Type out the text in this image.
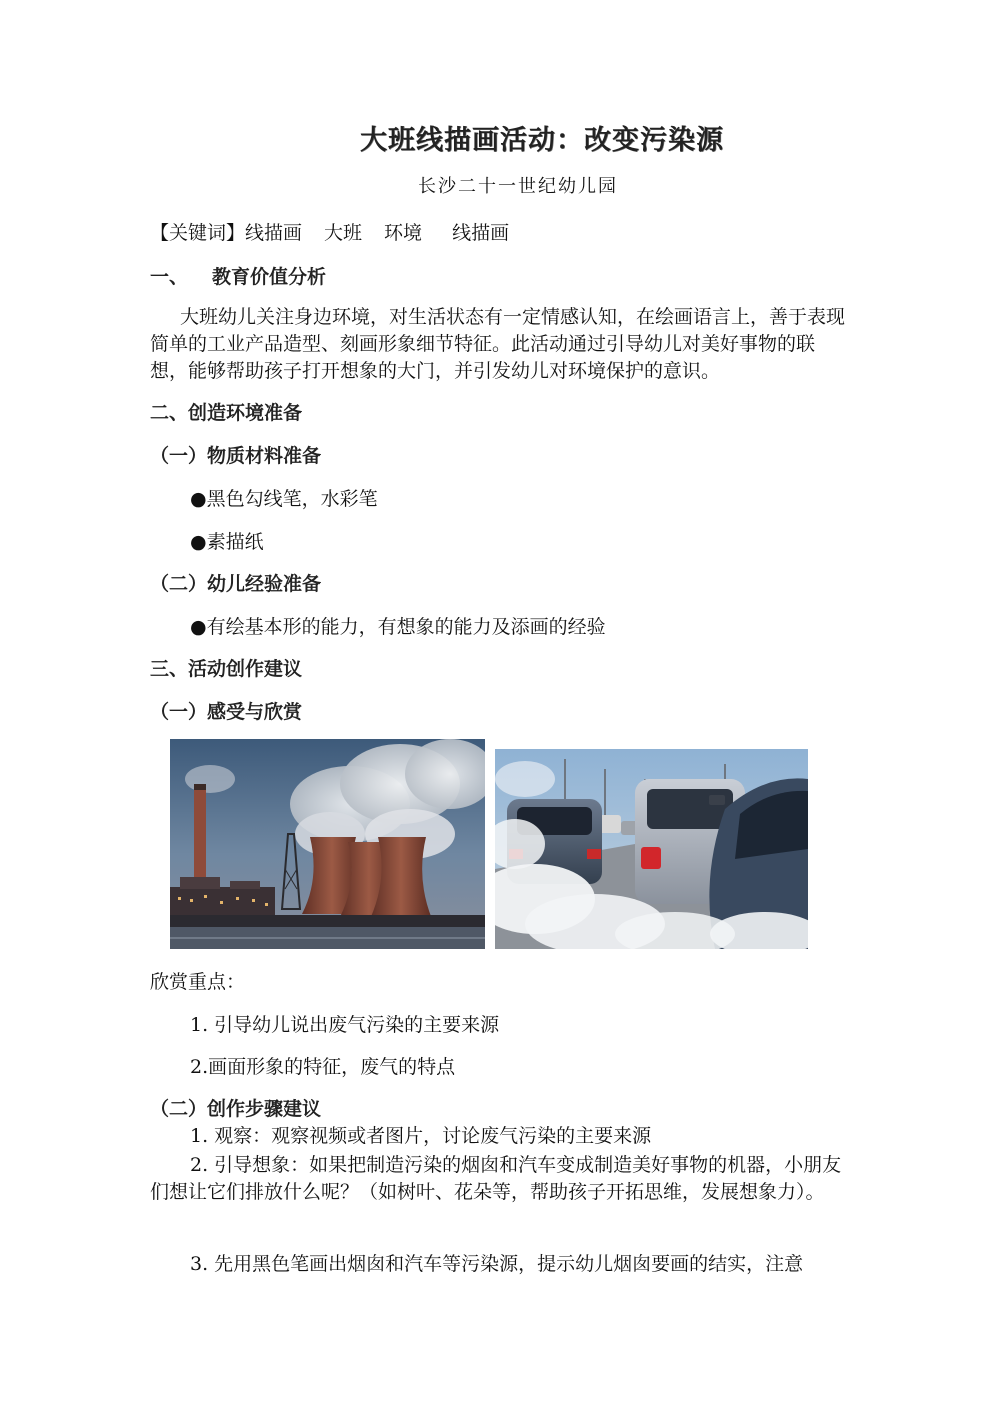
大班线描画活动：改变污染源
长沙二十一世纪幼儿园
【关键词】线描画 大班 环境 线描画
一、 教育价值分析
大班幼儿关注身边环境，对生活状态有一定情感认知，在绘画语言上，善于表现简单的工业产品造型、刻画形象细节特征。此活动通过引导幼儿对美好事物的联想，能够帮助孩子打开想象的大门，并引发幼儿对环境保护的意识。
二、创造环境准备
（一）物质材料准备
●黑色勾线笔，水彩笔
●素描纸
（二）幼儿经验准备
●有绘基本形的能力，有想象的能力及添画的经验
三、活动创作建议
（一）感受与欣赏
欣赏重点：
1. 引导幼儿说出废气污染的主要来源
2.画面形象的特征，废气的特点
（二）创作步骤建议
1. 观察：观察视频或者图片，讨论废气污染的主要来源
2. 引导想象：如果把制造污染的烟囱和汽车变成制造美好事物的机器，小朋友们想让它们排放什么呢？（如树叶、花朵等，帮助孩子开拓思维，发展想象力）。
3. 先用黑色笔画出烟囱和汽车等污染源，提示幼儿烟囱要画的结实，注意
